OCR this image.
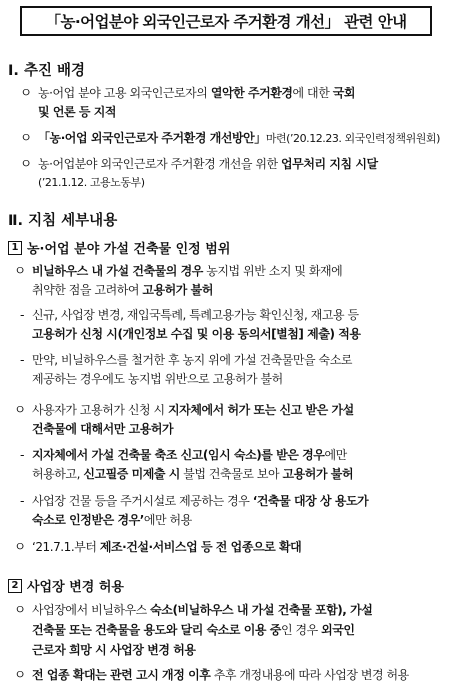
「농·어업분야 외국인근로자 주거환경 개선」 관련 안내
Ⅰ. 추진 배경
ㅇ 농·어업 분야 고용 외국인근로자의 열악한 주거환경에 대한 국회
및 언론 등 지적
ㅇ 「농·어업 외국인근로자 주거환경 개선방안」마련(’20.12.23. 외국인력정책위원회)
ㅇ 농·어업분야 외국인근로자 주거환경 개선을 위한 업무처리 지침 시달
(’21.1.12. 고용노동부)
Ⅱ. 지침 세부내용
1 농·어업 분야 가설 건축물 인정 범위
ㅇ 비닐하우스 내 가설 건축물의 경우 농지법 위반 소지 및 화재에
취약한 점을 고려하여 고용허가 불허
- 신규, 사업장 변경, 재입국특례, 특례고용가능 확인신청, 재고용 등
고용허가 신청 시(개인정보 수집 및 이용 동의서[별첨] 제출) 적용
- 만약, 비닐하우스를 철거한 후 농지 위에 가설 건축물만을 숙소로
제공하는 경우에도 농지법 위반으로 고용허가 불허
ㅇ 사용자가 고용허가 신청 시 지자체에서 허가 또는 신고 받은 가설
건축물에 대해서만 고용허가
- 지자체에서 가설 건축물 축조 신고(임시 숙소)를 받은 경우에만
허용하고, 신고필증 미제출 시 불법 건축물로 보아 고용허가 불허
- 사업장 건물 등을 주거시설로 제공하는 경우 ‘건축물 대장 상 용도가
숙소로 인정받은 경우’에만 허용
ㅇ ‘21.7.1.부터 제조·건설·서비스업 등 전 업종으로 확대
2 사업장 변경 허용
ㅇ 사업장에서 비닐하우스 숙소(비닐하우스 내 가설 건축물 포함), 가설
건축물 또는 건축물을 용도와 달리 숙소로 이용 중인 경우 외국인
근로자 희망 시 사업장 변경 허용
ㅇ 전 업종 확대는 관련 고시 개정 이후 추후 개정내용에 따라 사업장 변경 허용
